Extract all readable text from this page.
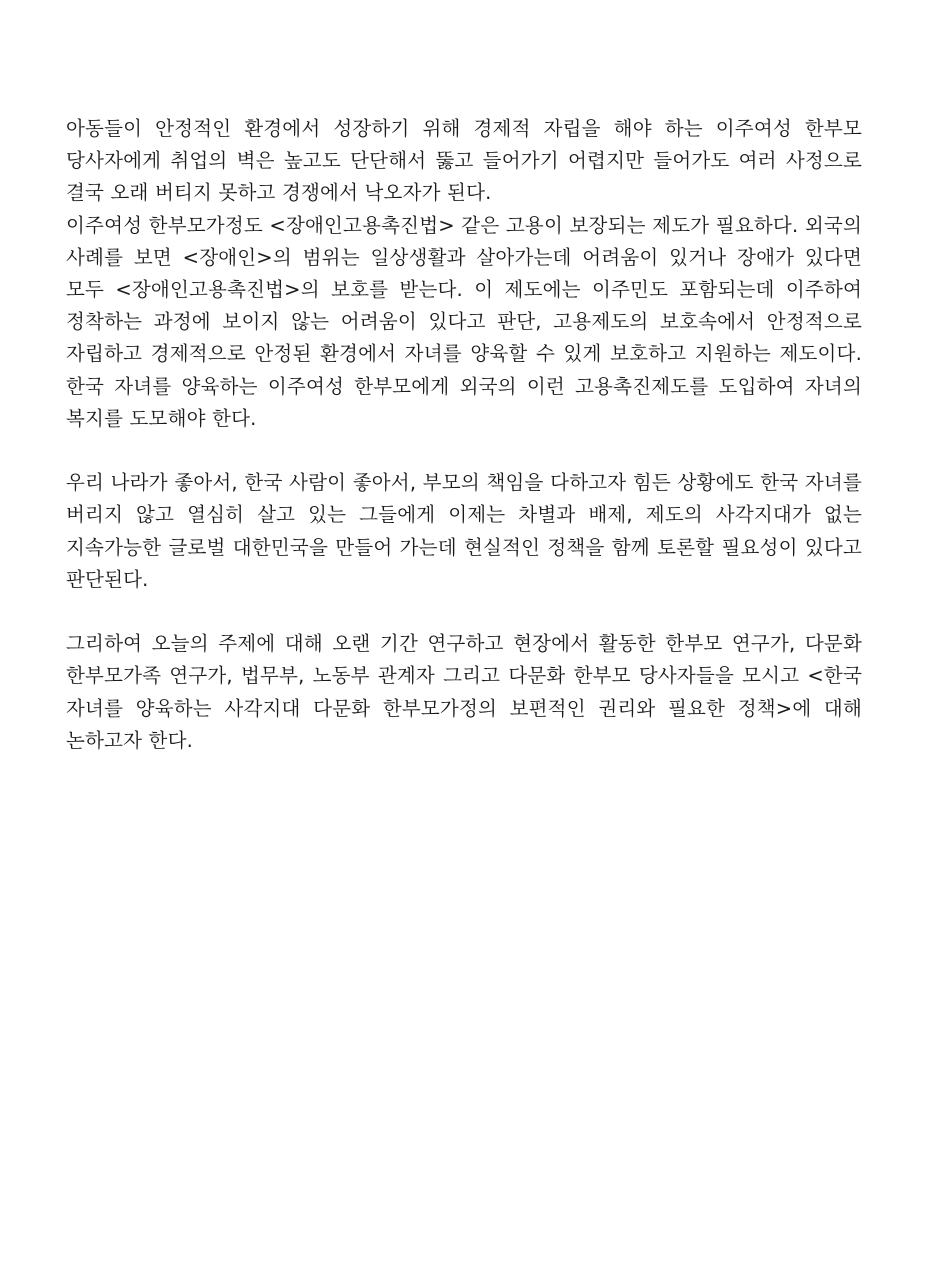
아동들이 안정적인 환경에서 성장하기 위해 경제적 자립을 해야 하는 이주여성 한부모 당사자에게 취업의 벽은 높고도 단단해서 뚫고 들어가기 어렵지만 들어가도 여러 사정으로 결국 오래 버티지 못하고 경쟁에서 낙오자가 된다.

이주여성 한부모가정도 <장애인고용촉진법> 같은 고용이 보장되는 제도가 필요하다. 외국의 사례를 보면 <장애인>의 범위는 일상생활과 살아가는데 어려움이 있거나 장애가 있다면 모두 <장애인고용촉진법>의 보호를 받는다. 이 제도에는 이주민도 포함되는데 이주하여 정착하는 과정에 보이지 않는 어려움이 있다고 판단, 고용제도의 보호속에서 안정적으로 자립하고 경제적으로 안정된 환경에서 자녀를 양육할 수 있게 보호하고 지원하는 제도이다. 한국 자녀를 양육하는 이주여성 한부모에게 외국의 이런 고용촉진제도를 도입하여 자녀의 복지를 도모해야 한다.

우리 나라가 좋아서, 한국 사람이 좋아서, 부모의 책임을 다하고자 힘든 상황에도 한국 자녀를 버리지 않고 열심히 살고 있는 그들에게 이제는 차별과 배제, 제도의 사각지대가 없는 지속가능한 글로벌 대한민국을 만들어 가는데 현실적인 정책을 함께 토론할 필요성이 있다고 판단된다.

그리하여 오늘의 주제에 대해 오랜 기간 연구하고 현장에서 활동한 한부모 연구가, 다문화 한부모가족 연구가, 법무부, 노동부 관계자 그리고 다문화 한부모 당사자들을 모시고 <한국 자녀를 양육하는 사각지대 다문화 한부모가정의 보편적인 권리와 필요한 정책>에 대해 논하고자 한다.
